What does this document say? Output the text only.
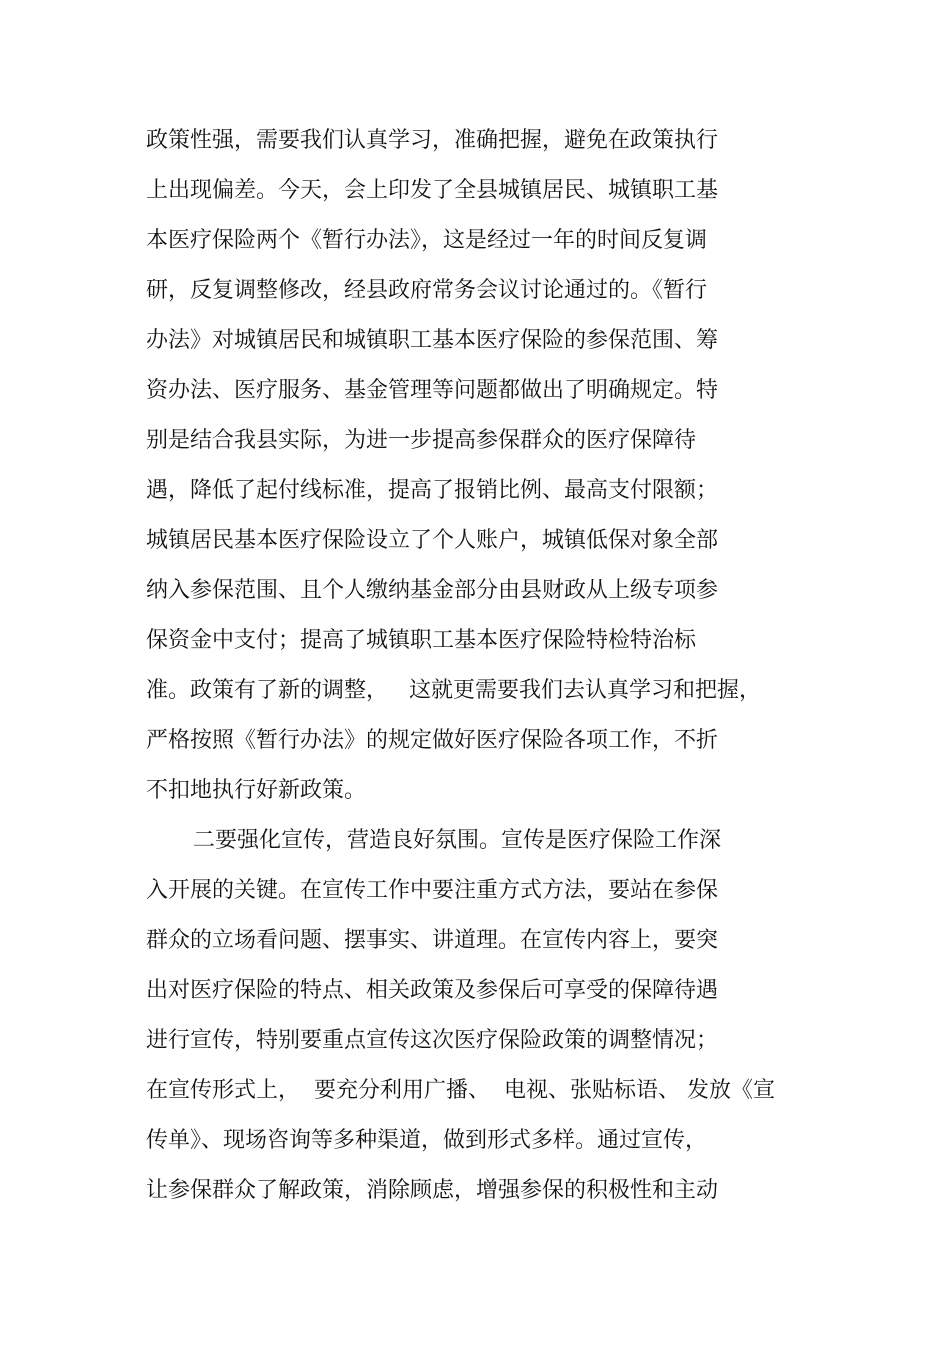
政策性强，需要我们认真学习，准确把握，避免在政策执行

上出现偏差。今天，会上印发了全县城镇居民、城镇职工基

本医疗保险两个《暂行办法》，这是经过一年的时间反复调

研，反复调整修改，经县政府常务会议讨论通过的。《暂行

办法》对城镇居民和城镇职工基本医疗保险的参保范围、筹

资办法、医疗服务、基金管理等问题都做出了明确规定。特

别是结合我县实际，为进一步提高参保群众的医疗保障待

遇，降低了起付线标准，提高了报销比例、最高支付限额；

城镇居民基本医疗保险设立了个人账户，城镇低保对象全部

纳入参保范围、且个人缴纳基金部分由县财政从上级专项参

保资金中支付；提高了城镇职工基本医疗保险特检特治标

准。政策有了新的调整，   这就更需要我们去认真学习和把握，

严格按照《暂行办法》的规定做好医疗保险各项工作，不折

不扣地执行好新政策。

二要强化宣传，营造良好氛围。宣传是医疗保险工作深

入开展的关键。在宣传工作中要注重方式方法，要站在参保

群众的立场看问题、摆事实、讲道理。在宣传内容上，要突

出对医疗保险的特点、相关政策及参保后可享受的保障待遇

进行宣传，特别要重点宣传这次医疗保险政策的调整情况；

在宣传形式上，  要充分利用广播、  电视、张贴标语、 发放《宣

传单》、现场咨询等多种渠道，做到形式多样。通过宣传，

让参保群众了解政策，消除顾虑，增强参保的积极性和主动
